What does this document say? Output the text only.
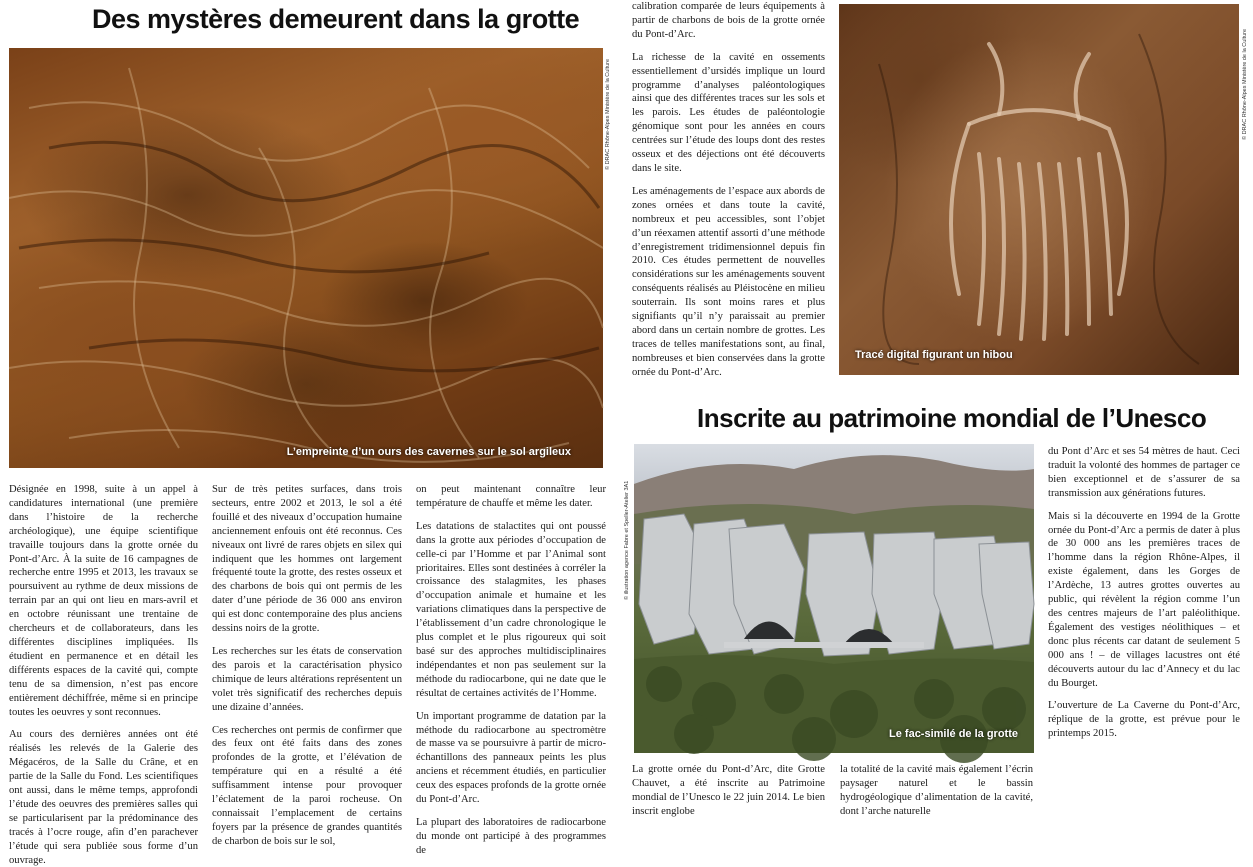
Des mystères demeurent dans la grotte
L’empreinte d’un ours des cavernes sur le sol argileux
© DRAC Rhône-Alpes Ministère de la Culture

Désignée en 1998, suite à un appel à candidatures international (une première dans l’histoire de la recherche archéologique), une équipe scientifique travaille toujours dans la grotte ornée du Pont-d’Arc. À la suite de 16 campagnes de recherche entre 1995 et 2013, les travaux se poursuivent au rythme de deux missions de terrain par an qui ont lieu en mars-avril et en octobre réunissant une trentaine de chercheurs et de collaborateurs, dans les différentes disciplines impliquées. Ils étudient en permanence et en détail les différents espaces de la cavité qui, compte tenu de sa dimension, n’est pas encore entièrement déchiffrée, même si en principe toutes les oeuvres y sont reconnues.

Au cours des dernières années ont été réalisés les relevés de la Galerie des Mégacéros, de la Salle du Crâne, et en partie de la Salle du Fond. Les scientifiques ont aussi, dans le même temps, approfondi l’étude des oeuvres des premières salles qui se particularisent par la prédominance des tracés à l’ocre rouge, afin d’en parachever l’étude qui sera publiée sous forme d’un ouvrage.

Sur de très petites surfaces, dans trois secteurs, entre 2002 et 2013, le sol a été fouillé et des niveaux d’occupation humaine anciennement enfouis ont été reconnus. Ces niveaux ont livré de rares objets en silex qui indiquent que les hommes ont largement fréquenté toute la grotte, des restes osseux et des charbons de bois qui ont permis de les dater d’une période de 36 000 ans environ qui est donc contemporaine des plus anciens dessins noirs de la grotte.

Les recherches sur les états de conservation des parois et la caractérisation physico chimique de leurs altérations représentent un volet très significatif des recherches depuis une dizaine d’années.

Ces recherches ont permis de confirmer que des feux ont été faits dans des zones profondes de la grotte, et l’élévation de température qui en a résulté a été suffisamment intense pour provoquer l’éclatement de la paroi rocheuse. On connaissait l’emplacement de certains foyers par la présence de grandes quantités de charbon de bois sur le sol,

on peut maintenant connaître leur température de chauffe et même les dater.

Les datations de stalactites qui ont poussé dans la grotte aux périodes d’occupation de celle-ci par l’Homme et par l’Animal sont prioritaires. Elles sont destinées à corréler la croissance des stalagmites, les phases d’occupation animale et humaine et les variations climatiques dans la perspective de l’établissement d’un cadre chronologique le plus complet et le plus rigoureux qui soit basé sur des approches multidisciplinaires indépendantes et non pas seulement sur la méthode du radiocarbone, qui ne date que le résultat de certaines activités de l’Homme.

Un important programme de datation par la méthode du radiocarbone au spectromètre de masse va se poursuivre à partir de micro-échantillons des panneaux peints les plus anciens et récemment étudiés, en particulier ceux des espaces profonds de la grotte ornée du Pont-d’Arc.

La plupart des laboratoires de radiocarbone du monde ont participé à des programmes de

calibration comparée de leurs équipements à partir de charbons de bois de la grotte ornée du Pont-d’Arc.

La richesse de la cavité en ossements essentiellement d’ursidés implique un lourd programme d’analyses paléontologiques ainsi que des différentes traces sur les sols et les parois. Les études de paléontologie génomique sont pour les années en cours centrées sur l’étude des loups dont des restes osseux et des déjections ont été découverts dans le site.

Les aménagements de l’espace aux abords de zones ornées et dans toute la cavité, nombreux et peu accessibles, sont l’objet d’un réexamen attentif assorti d’une méthode d’enregistrement tridimensionnel depuis fin 2010. Ces études permettent de nouvelles considérations sur les aménagements souvent conséquents réalisés au Pléistocène en milieu souterrain. Ils sont moins rares et plus signifiants qu’il n’y paraissait au premier abord dans un certain nombre de grottes. Les traces de telles manifestations sont, au final, nombreuses et bien conservées dans la grotte ornée du Pont-d’Arc.

Tracé digital figurant un hibou
© DRAC Rhône-Alpes Ministère de la Culture
Inscrite au patrimoine mondial de l’Unesco
Le fac-similé de la grotte
© illustration agence Fabre et Speller-Atelier 3A1

du Pont d’Arc et ses 54 mètres de haut. Ceci traduit la volonté des hommes de partager ce bien exceptionnel et de s’assurer de sa transmission aux générations futures.

Mais si la découverte en 1994 de la Grotte ornée du Pont-d’Arc a permis de dater à plus de 30 000 ans les premières traces de l’homme dans la région Rhône-Alpes, il existe également, dans les Gorges de l’Ardèche, 13 autres grottes ouvertes au public, qui révèlent la région comme l’un des centres majeurs de l’art paléolithique. Également des vestiges néolithiques – et donc plus récents car datant de seulement 5 000 ans ! – de villages lacustres ont été découverts autour du lac d’Annecy et du lac du Bourget.

L’ouverture de La Caverne du Pont-d’Arc, réplique de la grotte, est prévue pour le printemps 2015.

La grotte ornée du Pont-d’Arc, dite Grotte Chauvet, a été inscrite au Patrimoine mondial de l’Unesco le 22 juin 2014. Le bien inscrit englobe

la totalité de la cavité mais également l’écrin paysager naturel et le bassin hydrogéologique d’alimentation de la cavité, dont l’arche naturelle
